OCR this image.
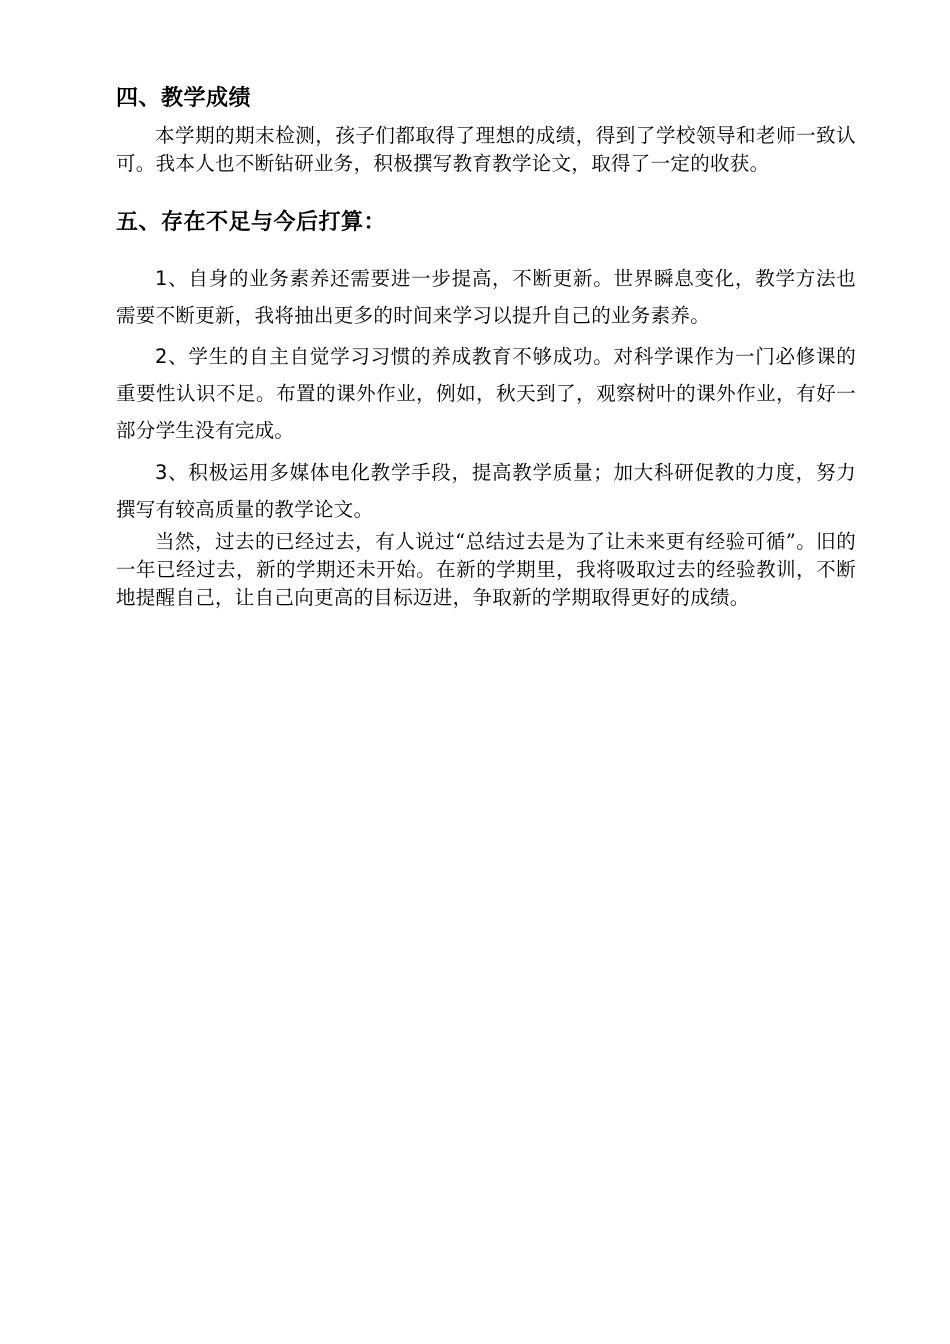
四、教学成绩

本学期的期末检测，孩子们都取得了理想的成绩，得到了学校领导和老师一致认可。我本人也不断钻研业务，积极撰写教育教学论文，取得了一定的收获。

五、存在不足与今后打算：

1、自身的业务素养还需要进一步提高，不断更新。世界瞬息变化，教学方法也需要不断更新，我将抽出更多的时间来学习以提升自己的业务素养。

2、学生的自主自觉学习习惯的养成教育不够成功。对科学课作为一门必修课的重要性认识不足。布置的课外作业，例如，秋天到了，观察树叶的课外作业，有好一部分学生没有完成。

3、积极运用多媒体电化教学手段，提高教学质量；加大科研促教的力度，努力撰写有较高质量的教学论文。

当然，过去的已经过去，有人说过“总结过去是为了让未来更有经验可循”。旧的一年已经过去，新的学期还未开始。在新的学期里，我将吸取过去的经验教训，不断地提醒自己，让自己向更高的目标迈进，争取新的学期取得更好的成绩。
